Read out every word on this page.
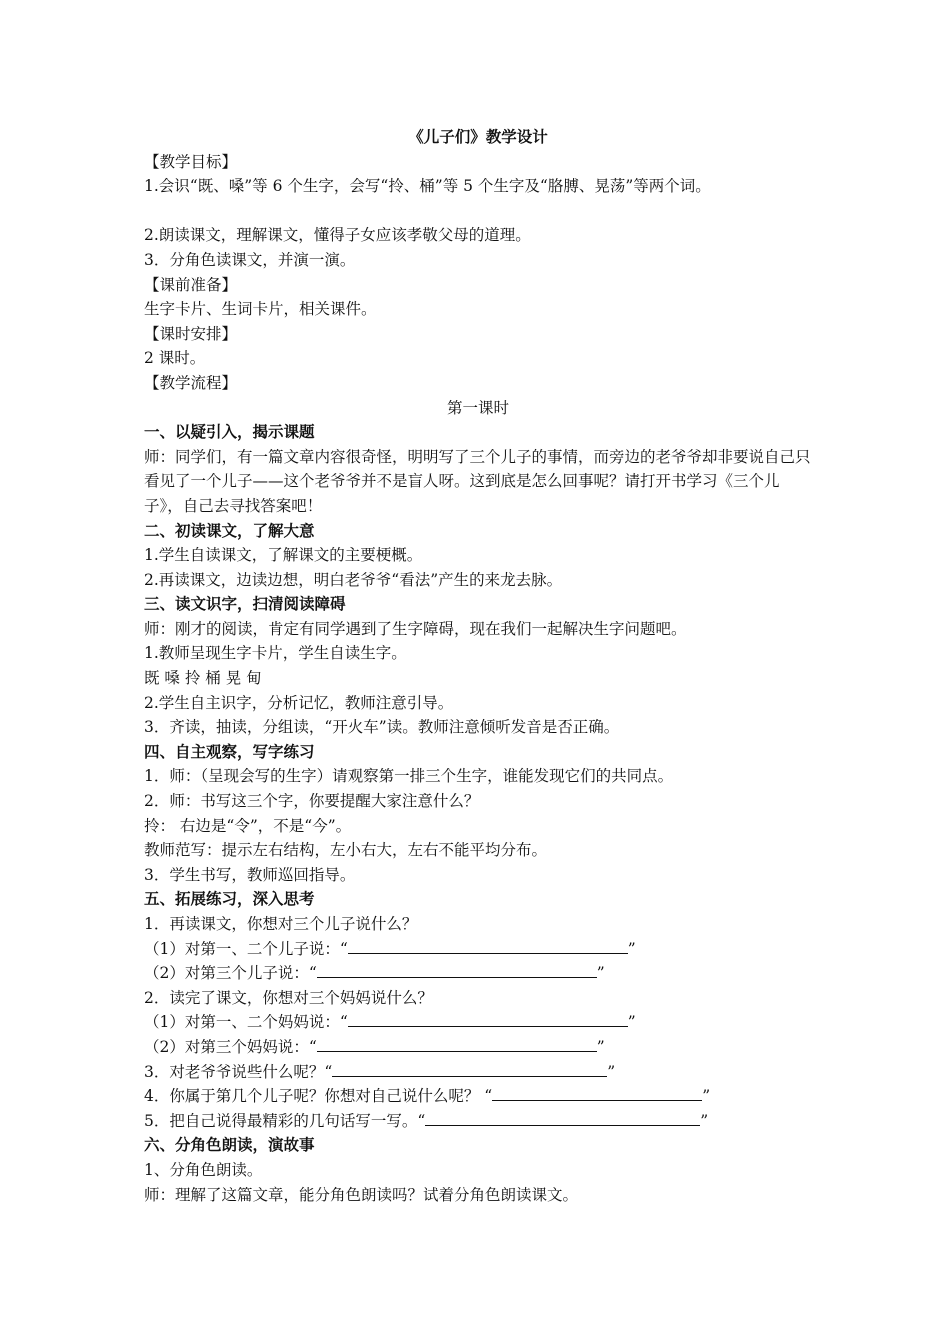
《儿子们》教学设计
【教学目标】
1.会识“既、嗓”等 6 个生字，会写“拎、桶”等 5 个生字及“胳膊、晃荡”等两个词。
2.朗读课文，理解课文，懂得子女应该孝敬父母的道理。
3．分角色读课文，并演一演。
【课前准备】
生字卡片、生词卡片，相关课件。
【课时安排】
2 课时。
【教学流程】
第一课时
一、以疑引入，揭示课题
师：同学们，有一篇文章内容很奇怪，明明写了三个儿子的事情，而旁边的老爷爷却非要说自己只看见了一个儿子——这个老爷爷并不是盲人呀。这到底是怎么回事呢？请打开书学习《三个儿子》，自己去寻找答案吧！
二、初读课文，了解大意
1.学生自读课文，了解课文的主要梗概。
2.再读课文，边读边想，明白老爷爷“看法”产生的来龙去脉。
三、读文识字，扫清阅读障碍
师：刚才的阅读，肯定有同学遇到了生字障碍，现在我们一起解决生字问题吧。
1.教师呈现生字卡片，学生自读生字。
既 嗓 拎 桶 晃 甸
2.学生自主识字，分析记忆，教师注意引导。
3．齐读，抽读，分组读，“开火车”读。教师注意倾听发音是否正确。
四、自主观察，写字练习
1．师：（呈现会写的生字）请观察第一排三个生字，谁能发现它们的共同点。
2．师：书写这三个字，你要提醒大家注意什么？
拎： 右边是“令”，不是“今”。
教师范写：提示左右结构，左小右大，左右不能平均分布。
3．学生书写，教师巡回指导。
五、拓展练习，深入思考
1．再读课文，你想对三个儿子说什么？
（1）对第一、二个儿子说：“	”
（2）对第三个儿子说：“	”
2．读完了课文，你想对三个妈妈说什么？
（1）对第一、二个妈妈说：“	”
（2）对第三个妈妈说：“	”
3．对老爷爷说些什么呢？“	”
4．你属于第几个儿子呢？你想对自己说什么呢？ “	”
5．把自己说得最精彩的几句话写一写。“	”
六、分角色朗读，演故事
1、分角色朗读。
师：理解了这篇文章，能分角色朗读吗？试着分角色朗读课文。
